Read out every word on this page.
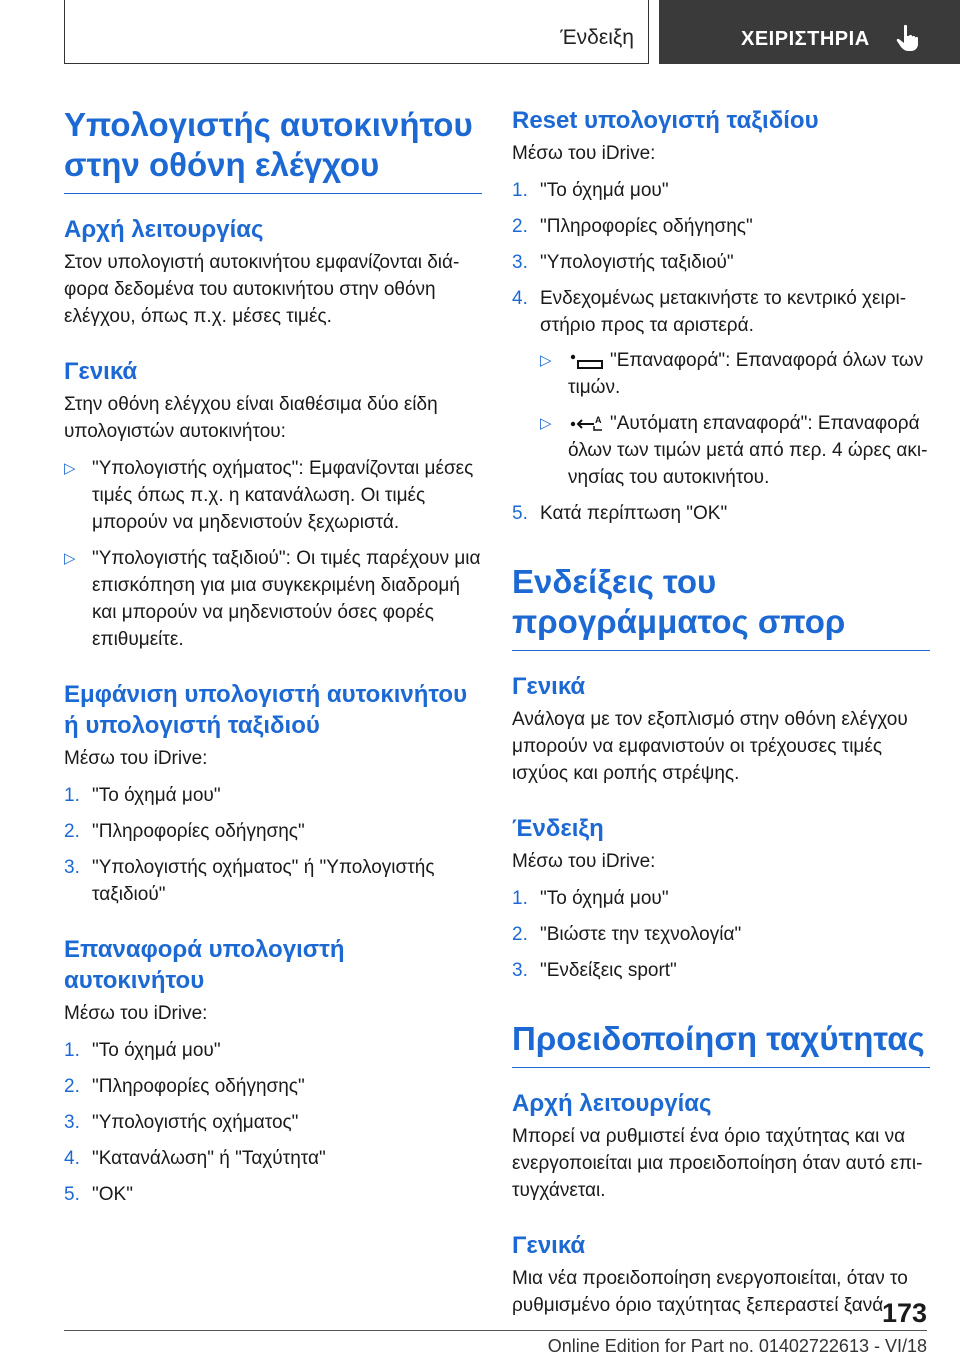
Ένδειξη	ΧΕΙΡΙΣΤΗΡΙΑ
Υπολογιστής αυτοκινήτου στην οθόνη ελέγχου
Αρχή λειτουργίας

Στον υπολογιστή αυτοκινήτου εμφανίζονται διάφορα δεδομένα του αυτοκινήτου στην οθόνη ελέγχου, όπως π.χ. μέσες τιμές.

Γενικά

Στην οθόνη ελέγχου είναι διαθέσιμα δύο είδη υπολογιστών αυτοκινήτου:

▷ "Υπολογιστής οχήματος": Εμφανίζονται μέσες τιμές όπως π.χ. η κατανάλωση. Οι τιμές μπορούν να μηδενιστούν ξεχωριστά.
▷ "Υπολογιστής ταξιδιού": Οι τιμές παρέχουν μια επισκόπηση για μια συγκεκριμένη διαδρομή και μπορούν να μηδενιστούν όσες φορές επιθυμείτε.
Εμφάνιση υπολογιστή αυτοκινήτου ή υπολογιστή ταξιδιού

Μέσω του iDrive:

1. "Το όχημά μου"
2. "Πληροφορίες οδήγησης"
3. "Υπολογιστής οχήματος" ή "Υπολογιστής ταξιδιού"
Επαναφορά υπολογιστή αυτοκινήτου

Μέσω του iDrive:

1. "Το όχημά μου"
2. "Πληροφορίες οδήγησης"
3. "Υπολογιστής οχήματος"
4. "Κατανάλωση" ή "Ταχύτητα"
5. "OK"
Reset υπολογιστή ταξιδίου

Μέσω του iDrive:

1. "Το όχημά μου"
2. "Πληροφορίες οδήγησης"
3. "Υπολογιστής ταξιδιού"
4. Ενδεχομένως μετακινήστε το κεντρικό χειριστήριο προς τα αριστερά.
▷	"Επαναφορά": Επαναφορά όλων των τιμών.
▷	A "Αυτόματη επαναφορά": Επαναφορά όλων των τιμών μετά από περ. 4 ώρες ακινησίας του αυτοκινήτου.
5. Κατά περίπτωση "OK"
Ενδείξεις του προγράμματος σπορ
Γενικά

Ανάλογα με τον εξοπλισμό στην οθόνη ελέγχου μπορούν να εμφανιστούν οι τρέχουσες τιμές ισχύος και ροπής στρέψης.

Ένδειξη

Μέσω του iDrive:

1. "Το όχημά μου"
2. "Βιώστε την τεχνολογία"
3. "Ενδείξεις sport"
Προειδοποίηση ταχύτητας
Αρχή λειτουργίας

Μπορεί να ρυθμιστεί ένα όριο ταχύτητας και να ενεργοποιείται μια προειδοποίηση όταν αυτό επιτυγχάνεται.

Γενικά

Μια νέα προειδοποίηση ενεργοποιείται, όταν το ρυθμισμένο όριο ταχύτητας ξεπεραστεί ξανά

173
Online Edition for Part no. 01402722613 - VI/18
